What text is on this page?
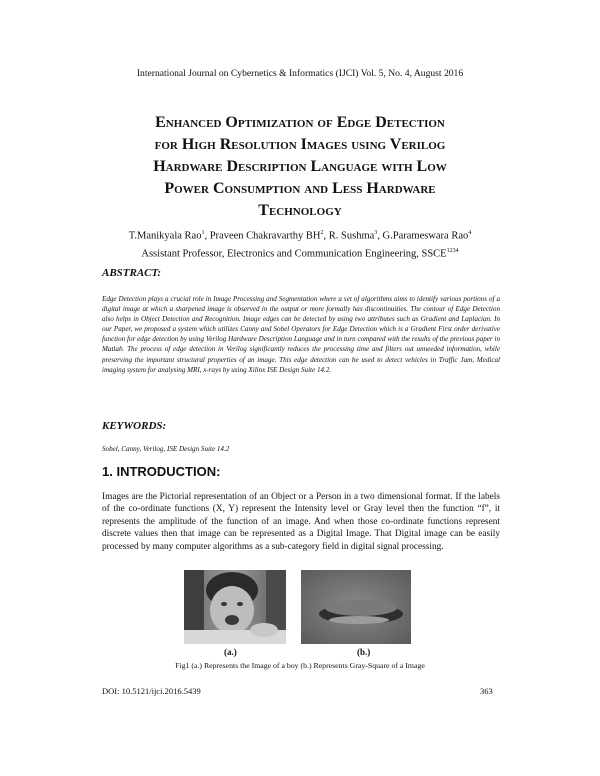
International Journal on Cybernetics & Informatics (IJCI) Vol. 5, No. 4, August 2016
Enhanced Optimization of Edge Detection
for High Resolution Images using Verilog
Hardware Description Language with Low
Power Consumption and Less Hardware
Technology
T.Manikyala Rao$^1$, Praveen Chakravarthy $BH^2$, R. Sushma$^3$, G.Parameswara Rao$^4$
Assistant Professor, Electronics and Communication Engineering, $SSCE^{1234}$
ABSTRACT:
Edge Detection plays a crucial role in Image Processing and Segmentation where a set of algorithms aims to identify various portions of a digital image at which a sharpened image is observed in the output or more formally has discontinuities. The contour of Edge Detection also helps in Object Detection and Recognition. Image edges can be detected by using two attributes such as Gradient and Laplacian. In our Paper, we proposed a system which utilizes Canny and Sobel Operators for Edge Detection which is a Gradient First order derivative function for edge detection by using Verilog Hardware Description Language and in turn compared with the results of the previous paper in Matlab. The process of edge detection in Verilog significantly reduces the processing time and filters out unneeded information, while preserving the important structural properties of an image. This edge detection can be used to detect vehicles in Traffic Jam, Medical imaging system for analysing MRI, x-rays by using Xilinx ISE Design Suite 14.2.
KEYWORDS:
Sobel, Canny, Verilog, ISE Design Suite 14.2
1. INTRODUCTION:
Images are the Pictorial representation of an Object or a Person in a two dimensional format. If the labels of the co-ordinate functions (X, Y) represent the Intensity level or Gray level then the function “f”, it represents the amplitude of the function of an image. And when those co-ordinate functions represent discrete values then that image can be represented as a Digital Image. That Digital image can be easily processed by many computer algorithms as a sub-category field in digital signal processing.
(a.)	(b.)
Fig1 (a.) Represents the Image of a boy (b.) Represents Gray-Square of a Image
DOI: 10.5121/ijci.2016.5439	363
